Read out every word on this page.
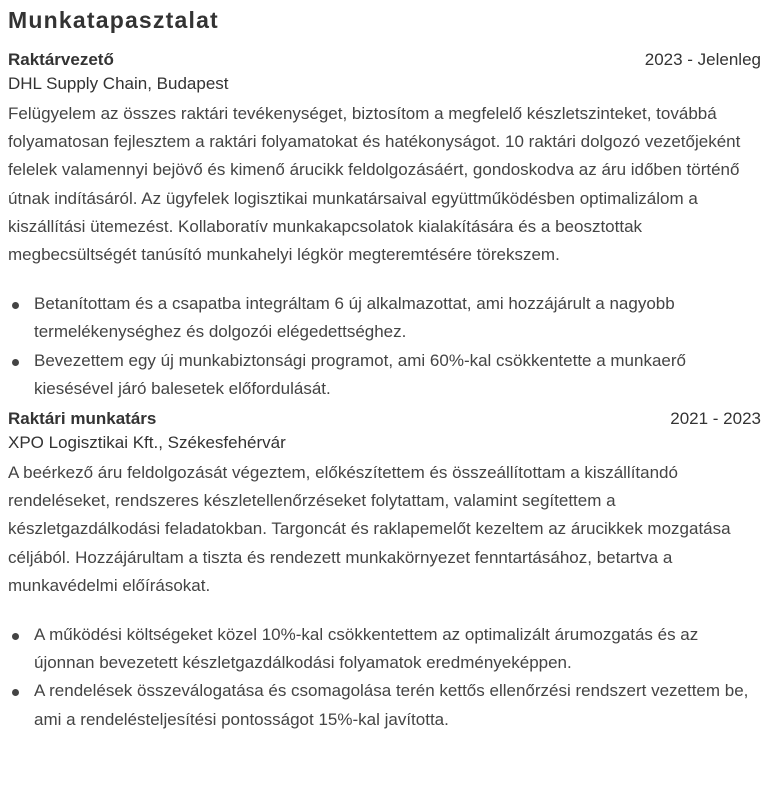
Munkatapasztalat
Raktárvezető	2023 - Jelenleg
DHL Supply Chain, Budapest

Felügyelem az összes raktári tevékenységet, biztosítom a megfelelő készletszinteket, továbbá folyamatosan fejlesztem a raktári folyamatokat és hatékonyságot. 10 raktári dolgozó vezetőjeként felelek valamennyi bejövő és kimenő árucikk feldolgozásáért, gondoskodva az áru időben történő útnak indításáról. Az ügyfelek logisztikai munkatársaival együttműködésben optimalizálom a kiszállítási ütemezést. Kollaboratív munkakapcsolatok kialakítására és a beosztottak megbecsültségét tanúsító munkahelyi légkör megteremtésére törekszem.

Betanítottam és a csapatba integráltam 6 új alkalmazottat, ami hozzájárult a nagyobb termelékenységhez és dolgozói elégedettséghez.
Bevezettem egy új munkabiztonsági programot, ami 60%-kal csökkentette a munkaerő kiesésével járó balesetek előfordulását.
Raktári munkatárs	2021 - 2023
XPO Logisztikai Kft., Székesfehérvár

A beérkező áru feldolgozását végeztem, előkészítettem és összeállítottam a kiszállítandó rendeléseket, rendszeres készletellenőrzéseket folytattam, valamint segítettem a készletgazdálkodási feladatokban. Targoncát és raklapemelőt kezeltem az árucikkek mozgatása céljából. Hozzájárultam a tiszta és rendezett munkakörnyezet fenntartásához, betartva a munkavédelmi előírásokat.

A működési költségeket közel 10%-kal csökkentettem az optimalizált árumozgatás és az újonnan bevezetett készletgazdálkodási folyamatok eredményeképpen.
A rendelések összeválogatása és csomagolása terén kettős ellenőrzési rendszert vezettem be, ami a rendelésteljesítési pontosságot 15%-kal javította.
